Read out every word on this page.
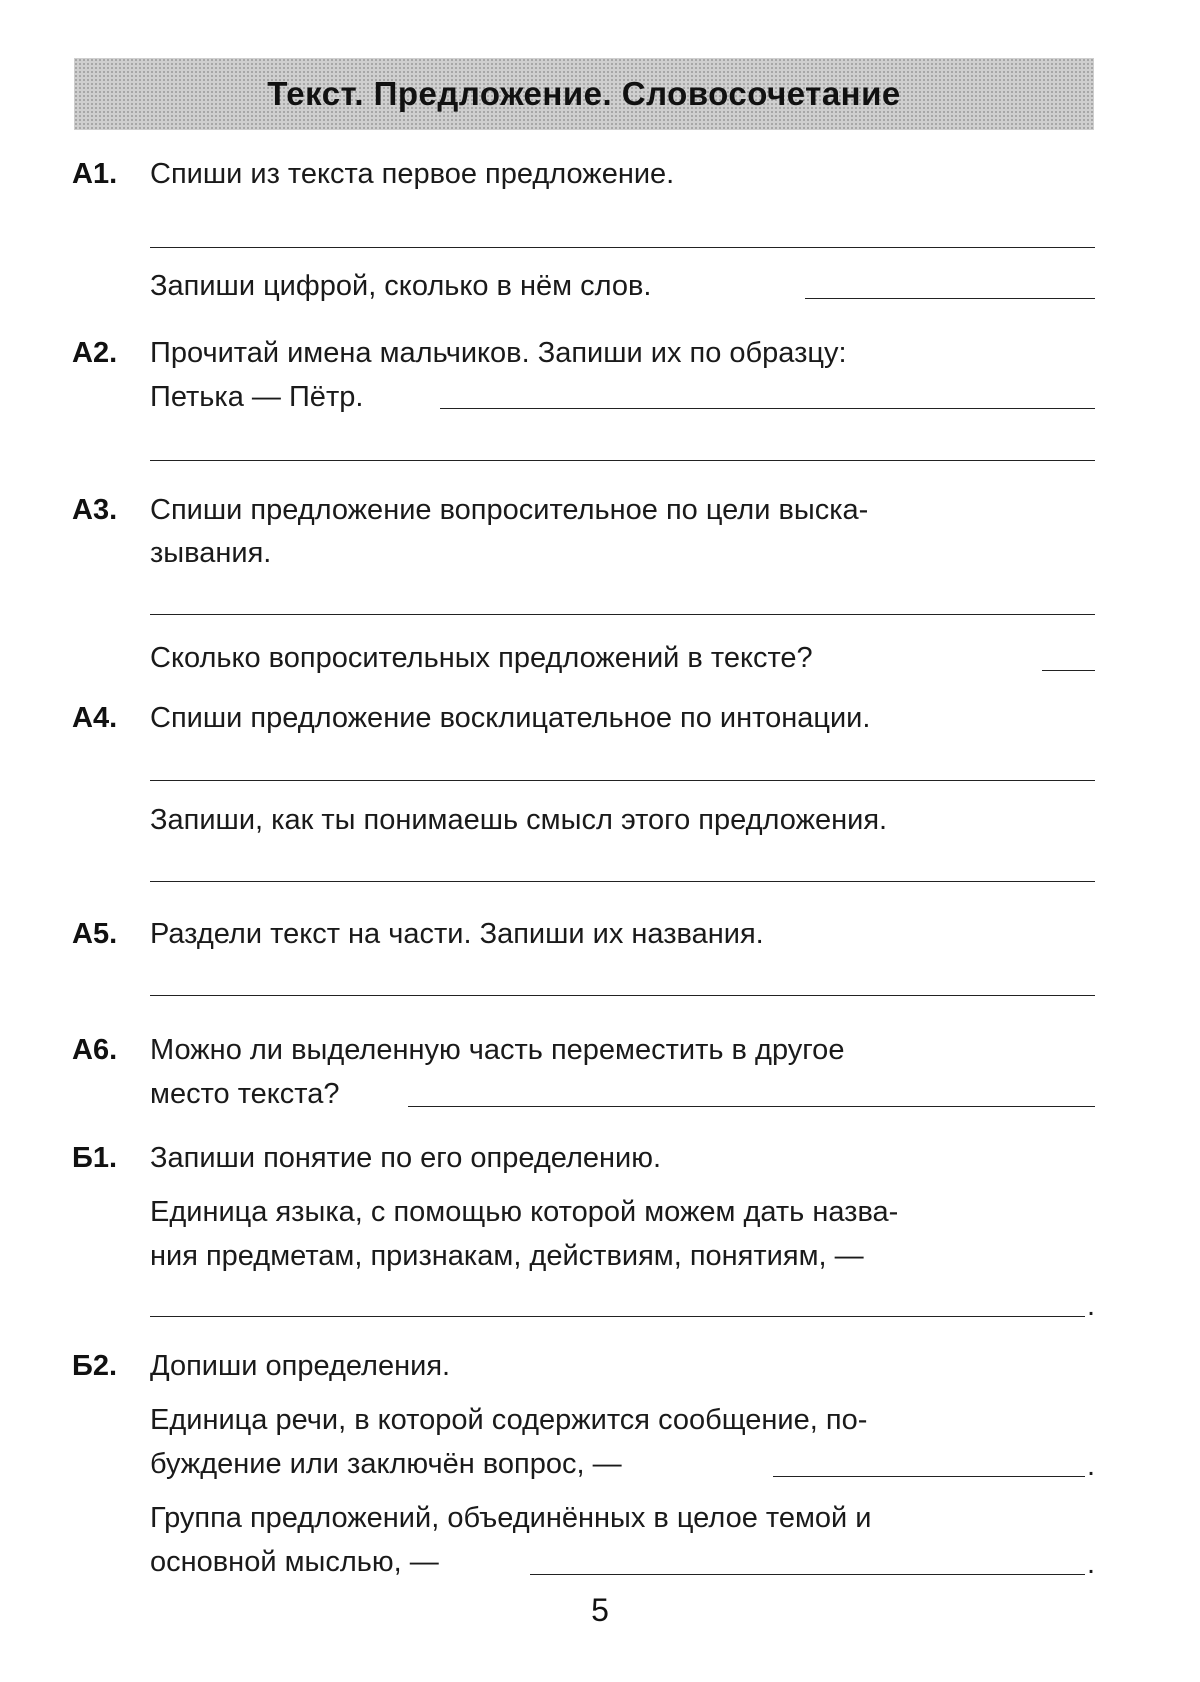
Текст. Предложение. Словосочетание
А1. Спиши из текста первое предложение.
Запиши цифрой, сколько в нём слов.
А2. Прочитай имена мальчиков. Запиши их по образцу:
Петька — Пётр.
А3. Спиши предложение вопросительное по цели выска-
зывания.
Сколько вопросительных предложений в тексте?
А4. Спиши предложение восклицательное по интонации.
Запиши, как ты понимаешь смысл этого предложения.
А5. Раздели текст на части. Запиши их названия.
А6. Можно ли выделенную часть переместить в другое
место текста?
Б1. Запиши понятие по его определению.
Единица языка, с помощью которой можем дать назва-
ния предметам, признакам, действиям, понятиям, —
.
Б2. Допиши определения.
Единица речи, в которой содержится сообщение, по-
буждение или заключён вопрос, —	.
Группа предложений, объединённых в целое темой и
основной мыслью, —	.
5
